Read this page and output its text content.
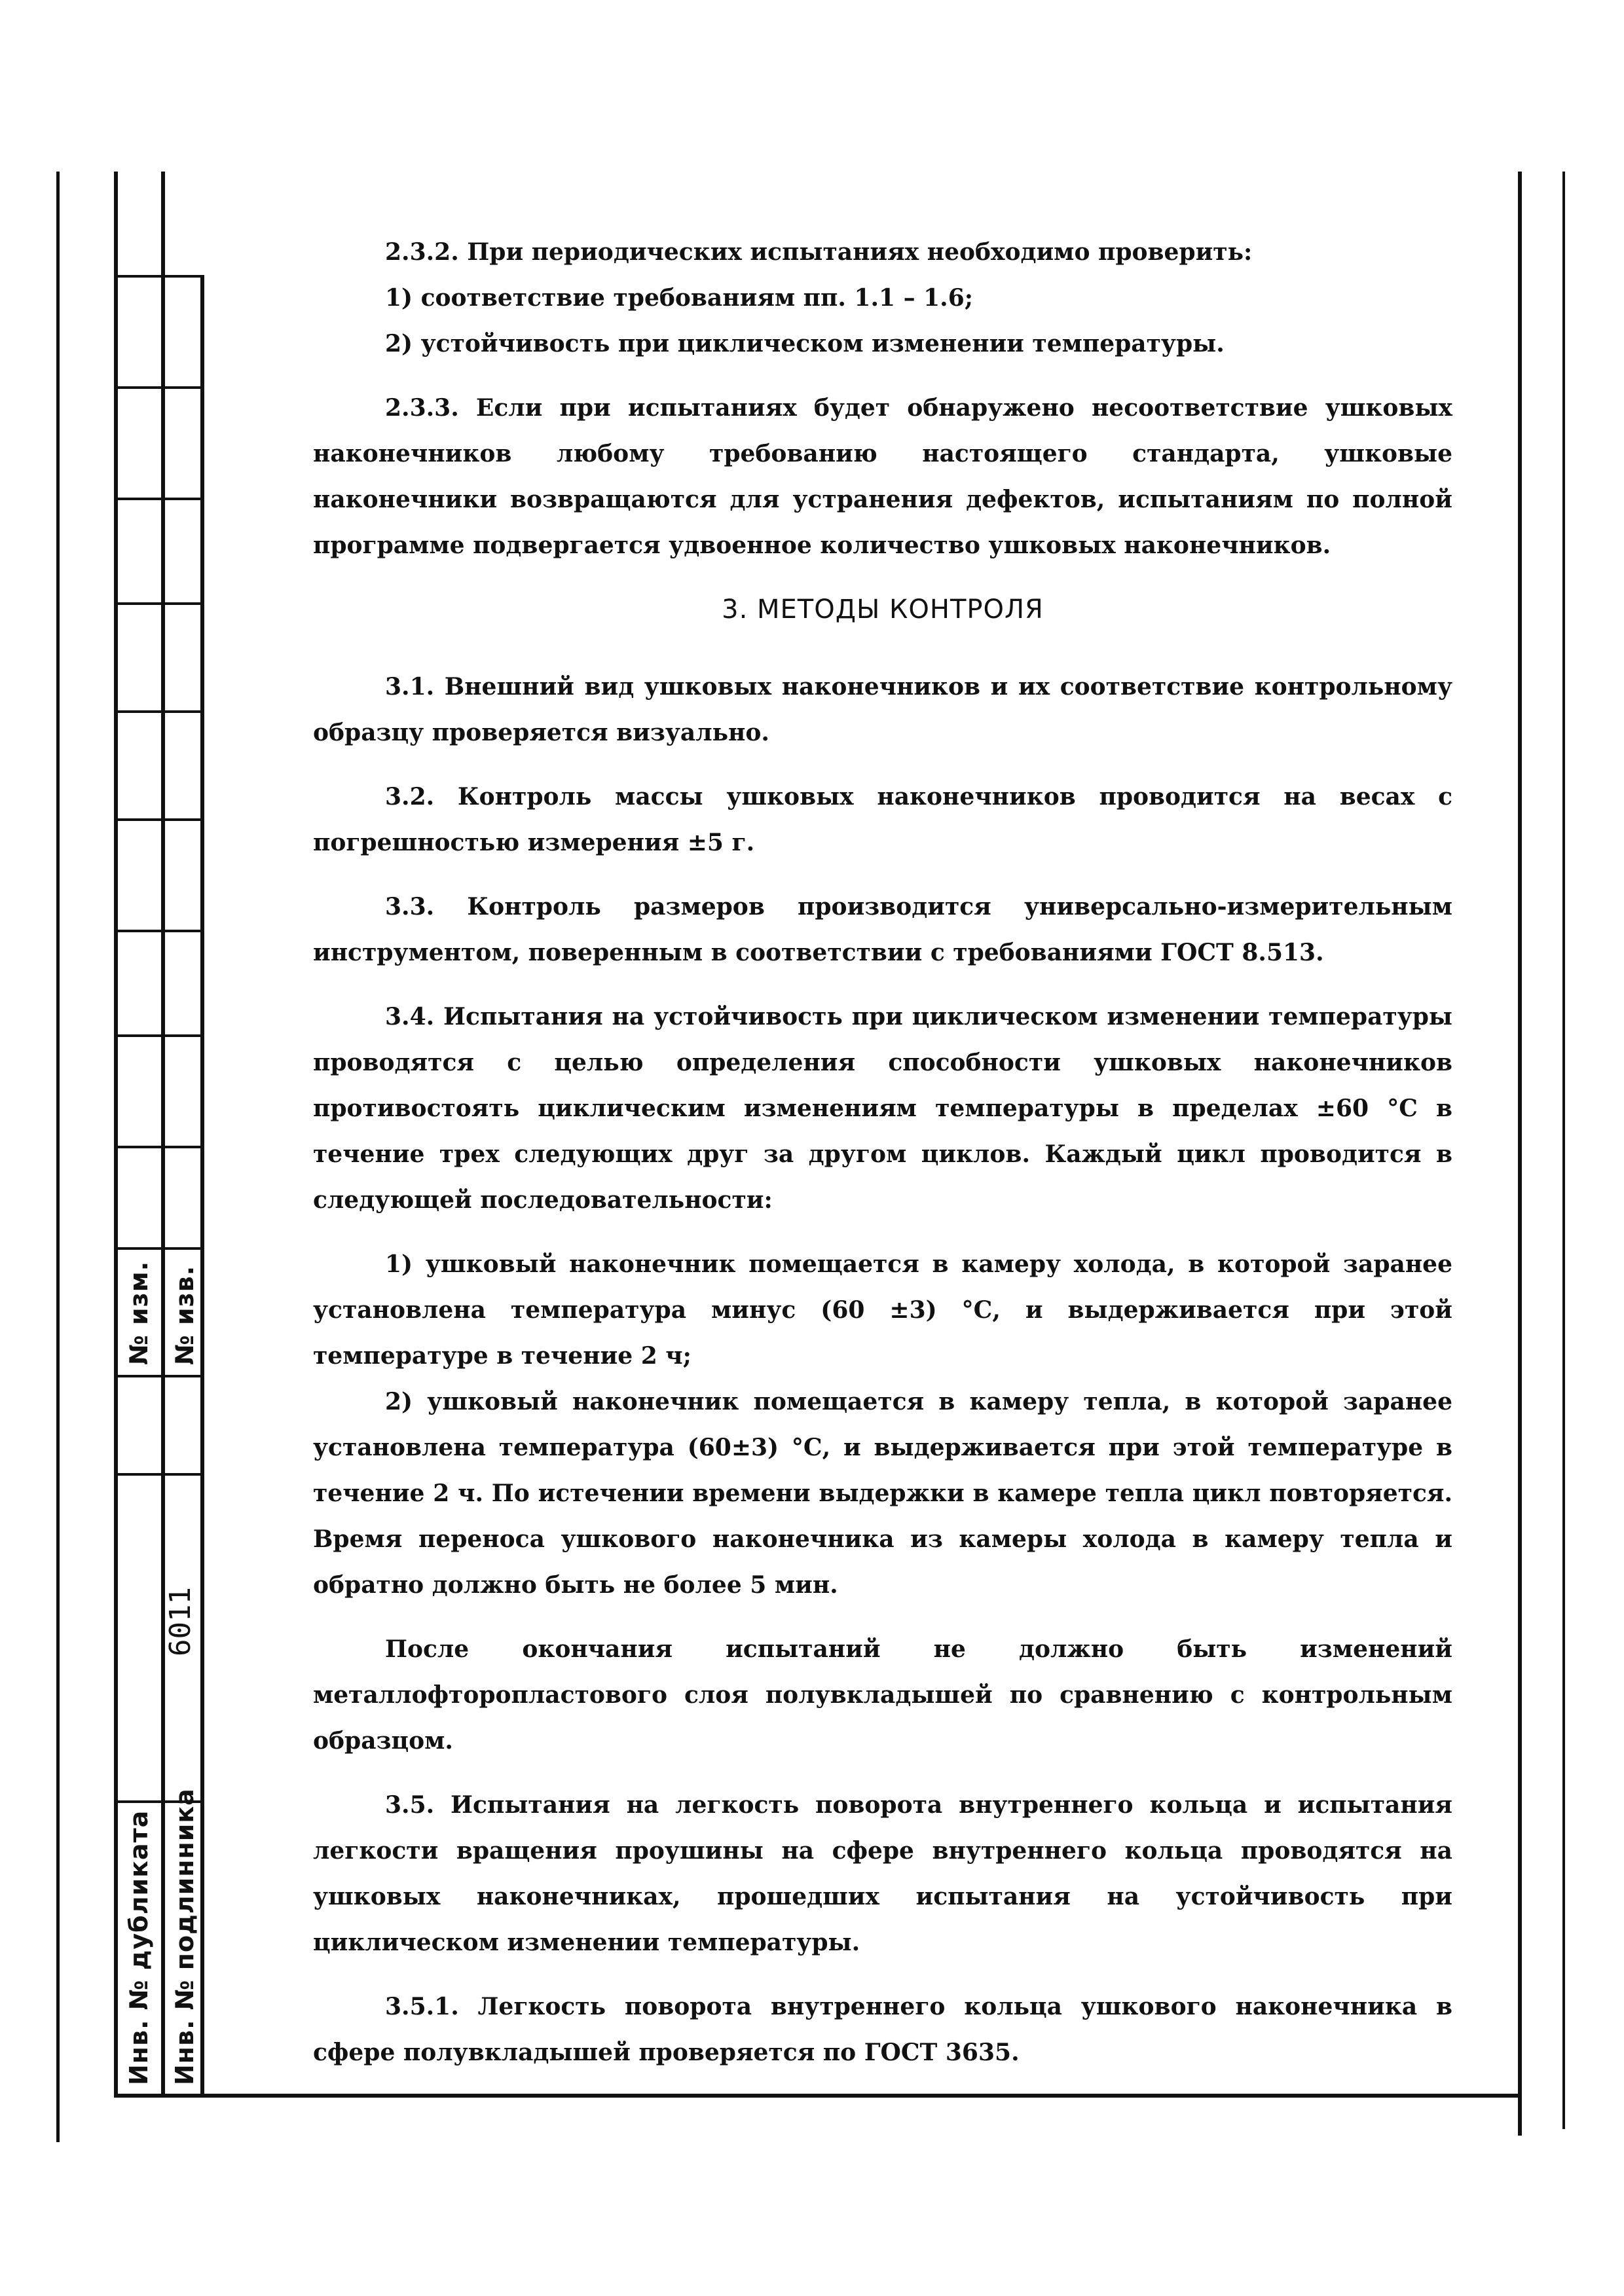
№ изм. № изв.
6011
Инв. № дубликата Инв. № подлинника

2.3.2. При периодических испытаниях необходимо проверить:

1) соответствие требованиям пп. 1.1 – 1.6;

2) устойчивость при циклическом изменении температуры.

2.3.3. Если при испытаниях будет обнаружено несоответствие ушковых наконечников любому требованию настоящего стандарта, ушковые наконечники возвращаются для устранения дефектов, испытаниям по полной программе подвергается удвоенное количество ушковых наконечников.

3. МЕТОДЫ КОНТРОЛЯ

3.1. Внешний вид ушковых наконечников и их соответствие контрольному образцу проверяется визуально.

3.2. Контроль массы ушковых наконечников проводится на весах с погрешностью измерения ±5 г.

3.3. Контроль размеров производится универсально-измерительным инструментом, поверенным в соответствии с требованиями ГОСТ 8.513.

3.4. Испытания на устойчивость при циклическом изменении температуры проводятся с целью определения способности ушковых наконечников противостоять циклическим изменениям температуры в пределах ±60 °С в течение трех следующих друг за другом циклов. Каждый цикл проводится в следующей последовательности:

1) ушковый наконечник помещается в камеру холода, в которой заранее установлена температура минус (60 ±3) °С, и выдерживается при этой температуре в течение 2 ч;

2) ушковый наконечник помещается в камеру тепла, в которой заранее установлена температура (60±3) °С, и выдерживается при этой температуре в течение 2 ч. По истечении времени выдержки в камере тепла цикл повторяется. Время переноса ушкового наконечника из камеры холода в камеру тепла и обратно должно быть не более 5 мин.

После окончания испытаний не должно быть изменений металлофторопластового слоя полувкладышей по сравнению с контрольным образцом.

3.5. Испытания на легкость поворота внутреннего кольца и испытания легкости вращения проушины на сфере внутреннего кольца проводятся на ушковых наконечниках, прошедших испытания на устойчивость при циклическом изменении температуры.

3.5.1. Легкость поворота внутреннего кольца ушкового наконечника в сфере полувкладышей проверяется по ГОСТ 3635.
